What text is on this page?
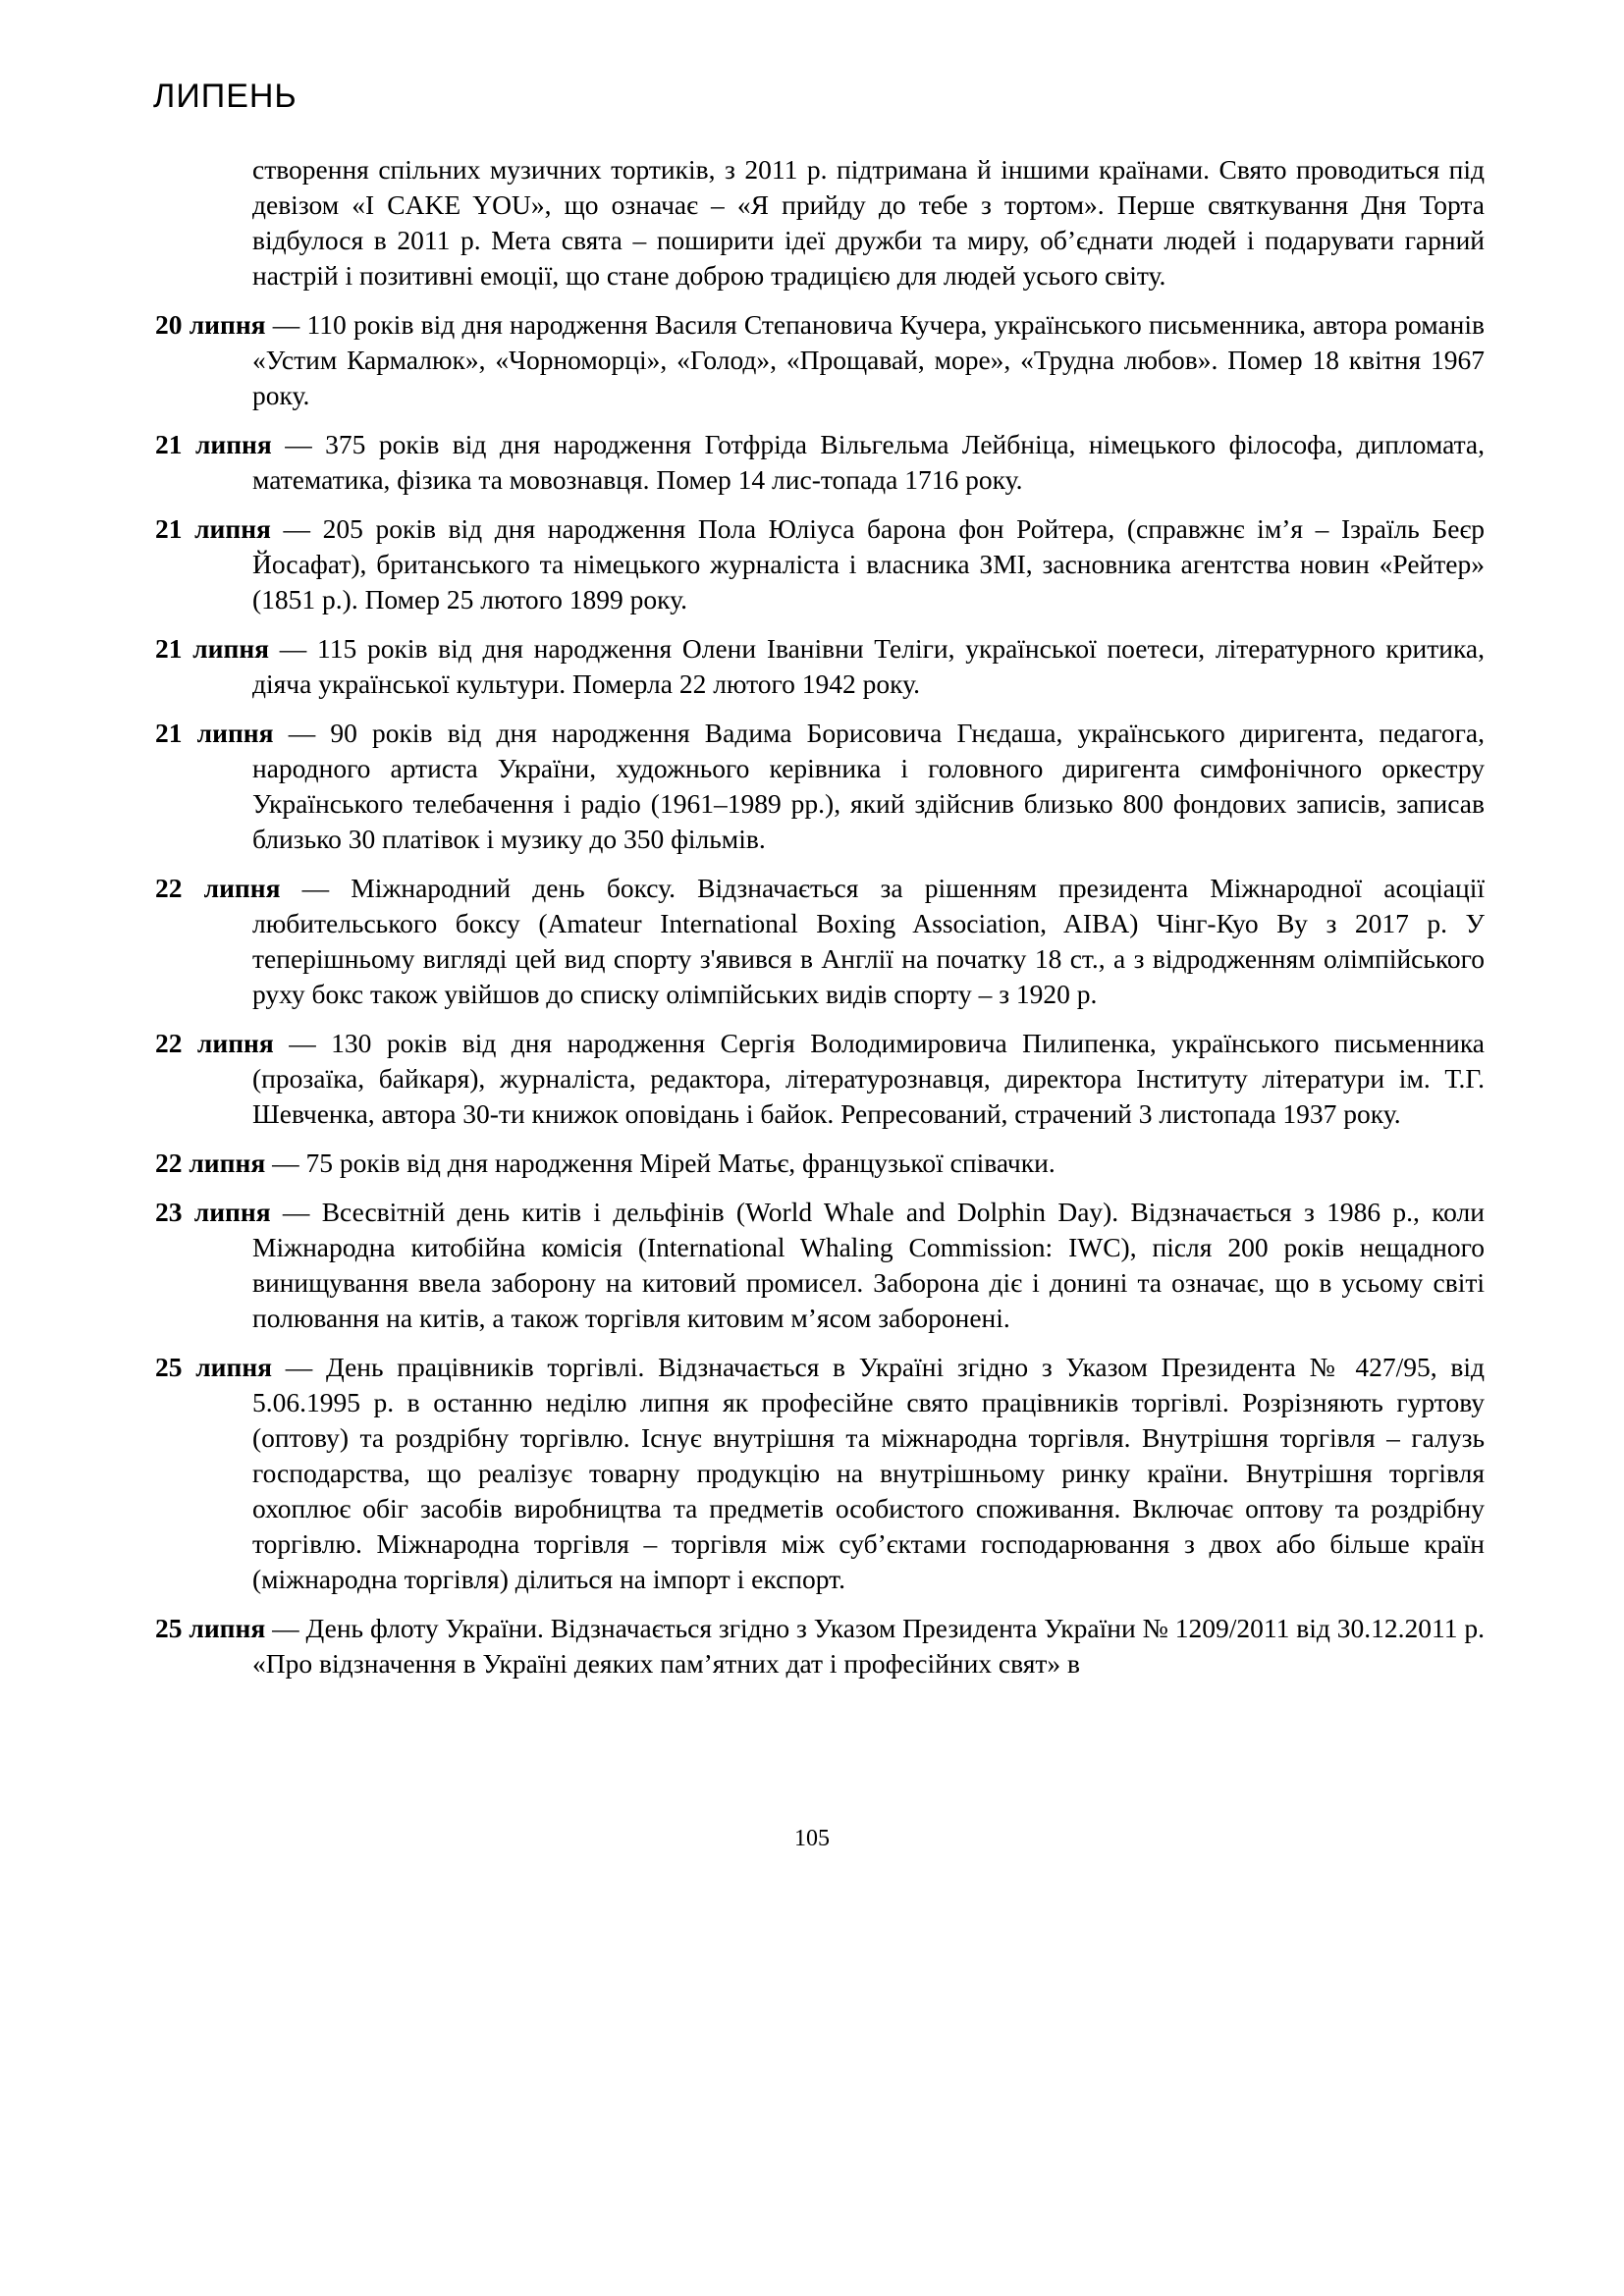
ЛИПЕНЬ

створення спільних музичних тортиків, з 2011 р. підтримана й іншими країнами. Свято проводиться під девізом «I CAKE YOU», що означає – «Я прийду до тебе з тортом». Перше святкування Дня Торта відбулося в 2011 р. Мета свята – поширити ідеї дружби та миру, об’єднати людей і подарувати гарний настрій і позитивні емоції, що стане доброю традицією для людей усього світу.

20 липня — 110 років від дня народження Василя Степановича Кучера, українського письменника, автора романів «Устим Кармалюк», «Чорноморці», «Голод», «Прощавай, море», «Трудна любов». Помер 18 квітня 1967 року.

21 липня — 375 років від дня народження Готфріда Вільгельма Лейбніца, німецького філософа, дипломата, математика, фізика та мовознавця. Помер 14 лис-топада 1716 року.

21 липня — 205 років від дня народження Пола Юліуса барона фон Ройтера, (справжнє ім’я – Ізраїль Беєр Йосафат), британського та німецького журналіста і власника ЗМІ, засновника агентства новин «Рейтер» (1851 р.). Помер 25 лютого 1899 року.

21 липня — 115 років від дня народження Олени Іванівни Теліги, української поетеси, літературного критика, діяча української культури. Померла 22 лютого 1942 року.

21 липня — 90 років від дня народження Вадима Борисовича Гнєдаша, українського диригента, педагога, народного артиста України, художнього керівника і головного диригента симфонічного оркестру Українського телебачення і радіо (1961–1989 рр.), який здійснив близько 800 фондових записів, записав близько 30 платівок і музику до 350 фільмів.

22 липня — Міжнародний день боксу. Відзначається за рішенням президента Міжнародної асоціації любительського боксу (Amateur International Boxing Association, AIBA) Чінг-Куо Ву з 2017 р. У теперішньому вигляді цей вид спорту з'явився в Англії на початку 18 ст., а з відродженням олімпійського руху бокс також увійшов до списку олімпійських видів спорту – з 1920 р.

22 липня — 130 років від дня народження Сергія Володимировича Пилипенка, українського письменника (прозаїка, байкаря), журналіста, редактора, літературознавця, директора Інституту літератури ім. Т.Г. Шевченка, автора 30-ти книжок оповідань і байок. Репресований, страчений 3 листопада 1937 року.

22 липня — 75 років від дня народження Мірей Матьє, французької співачки.

23 липня — Всесвітній день китів і дельфінів (World Whale and Dolphin Day). Відзначається з 1986 р., коли Міжнародна китобійна комісія (International Whaling Commission: IWC), після 200 років нещадного винищування ввела заборону на китовий промисел. Заборона діє і донині та означає, що в усьому світі полювання на китів, а також торгівля китовим м’ясом заборонені.

25 липня — День працівників торгівлі. Відзначається в Україні згідно з Указом Президента № 427/95, від 5.06.1995 р. в останню неділю липня як професійне свято працівників торгівлі. Розрізняють гуртову (оптову) та роздрібну торгівлю. Існує внутрішня та міжнародна торгівля. Внутрішня торгівля – галузь господарства, що реалізує товарну продукцію на внутрішньому ринку країни. Внутрішня торгівля охоплює обіг засобів виробництва та предметів особистого споживання. Включає оптову та роздрібну торгівлю. Міжнародна торгівля – торгівля між суб’єктами господарювання з двох або більше країн (міжнародна торгівля) ділиться на імпорт і експорт.

25 липня — День флоту України. Відзначається згідно з Указом Президента України № 1209/2011 від 30.12.2011 р. «Про відзначення в Україні деяких пам’ятних дат і професійних свят» в

105
